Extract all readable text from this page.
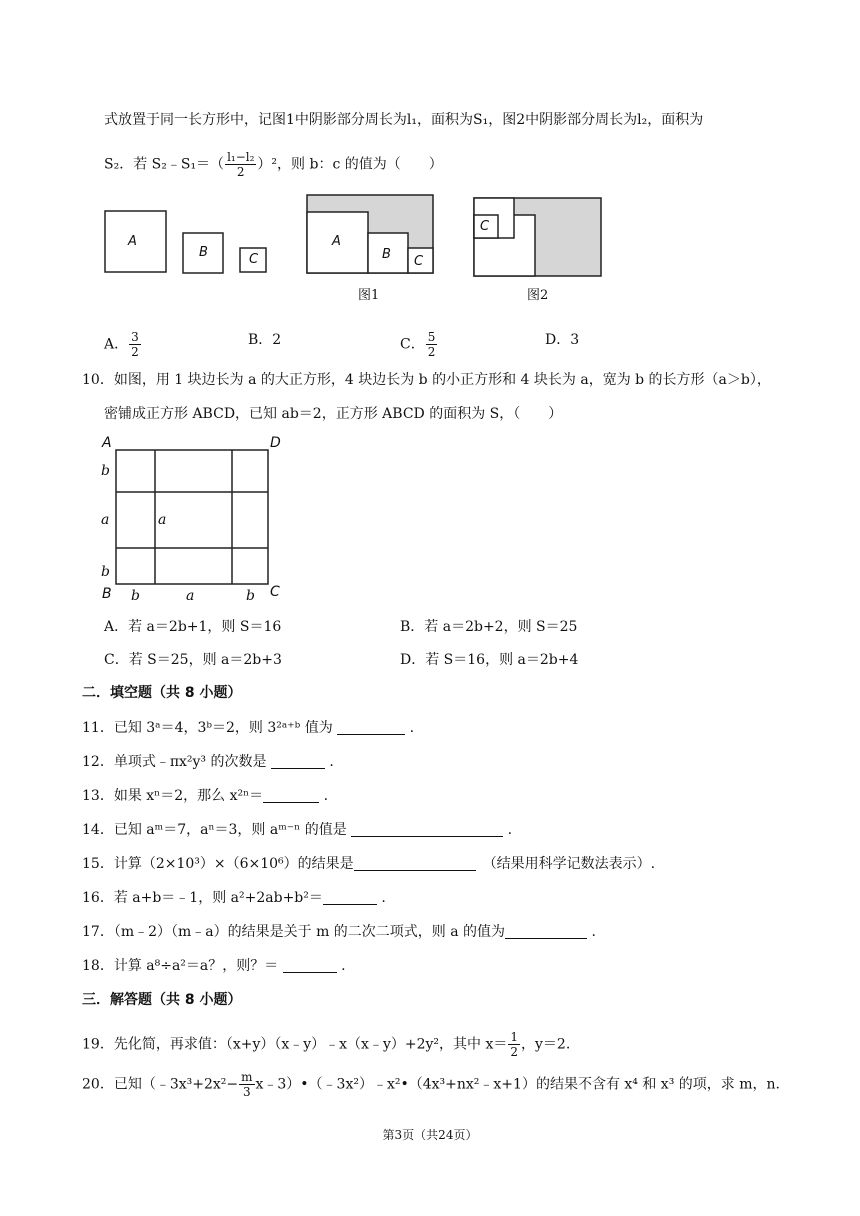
式放置于同一长方形中，记图1中阴影部分周长为l₁，面积为S₁，图2中阴影部分周长为l₂，面积为
S₂．若 S₂﹣S₁＝（ $\frac{\text{l₁−l₂}}{2} )^2$，则 b：c 的值为（　　）
A
B	C
A
B C
C
图1	图2
A． $\frac{3}{2}$	B．2	C． $\frac{5}{2}$	D．3
10．如图，用 1 块边长为 a 的大正方形，4 块边长为 b 的小正方形和 4 块长为 a，宽为 b 的长方形（a＞b），
密铺成正方形 ABCD，已知 ab＝2，正方形 ABCD 的面积为 S，（　　）
A	D
B	C
b
a
b
a
b	a	b
A．若 a＝2b+1，则 S＝16	B．若 a＝2b+2，则 S＝25
C．若 S＝25，则 a＝2b+3	D．若 S＝16，则 a＝2b+4
二．填空题（共 8 小题）
11．已知 3ᵃ＝4，3ᵇ＝2，则 3²ᵃ⁺ᵇ 值为	.
12．单项式﹣πx²y³ 的次数是	.
13．如果 xⁿ＝2，那么 x²ⁿ＝	.
14．已知 aᵐ＝7，aⁿ＝3，则 aᵐ⁻ⁿ 的值是	.
15．计算（2×10³）×（6×10⁶）的结果是　	（结果用科学记数法表示）.
16．若 a+b＝﹣1，则 a²+2ab+b²＝	.
17．（m﹣2）（m﹣a）的结果是关于 m 的二次二项式，则 a 的值为	.
18．计算 a⁸÷a²＝a？，则？＝	.
三．解答题（共 8 小题）
19．先化简，再求值：（x+y）（x﹣y）﹣x（x﹣y）+2y²，其中 $x= \frac{1}{2}$ ，y＝2.
20．已知（﹣3x³+2x²− $\frac{m}{3}$ x﹣3）•（﹣3x²）﹣x²•（4x³+nx²﹣x+1）的结果不含有 x⁴ 和 x³ 的项，求 m，n.
第3页（共24页）
